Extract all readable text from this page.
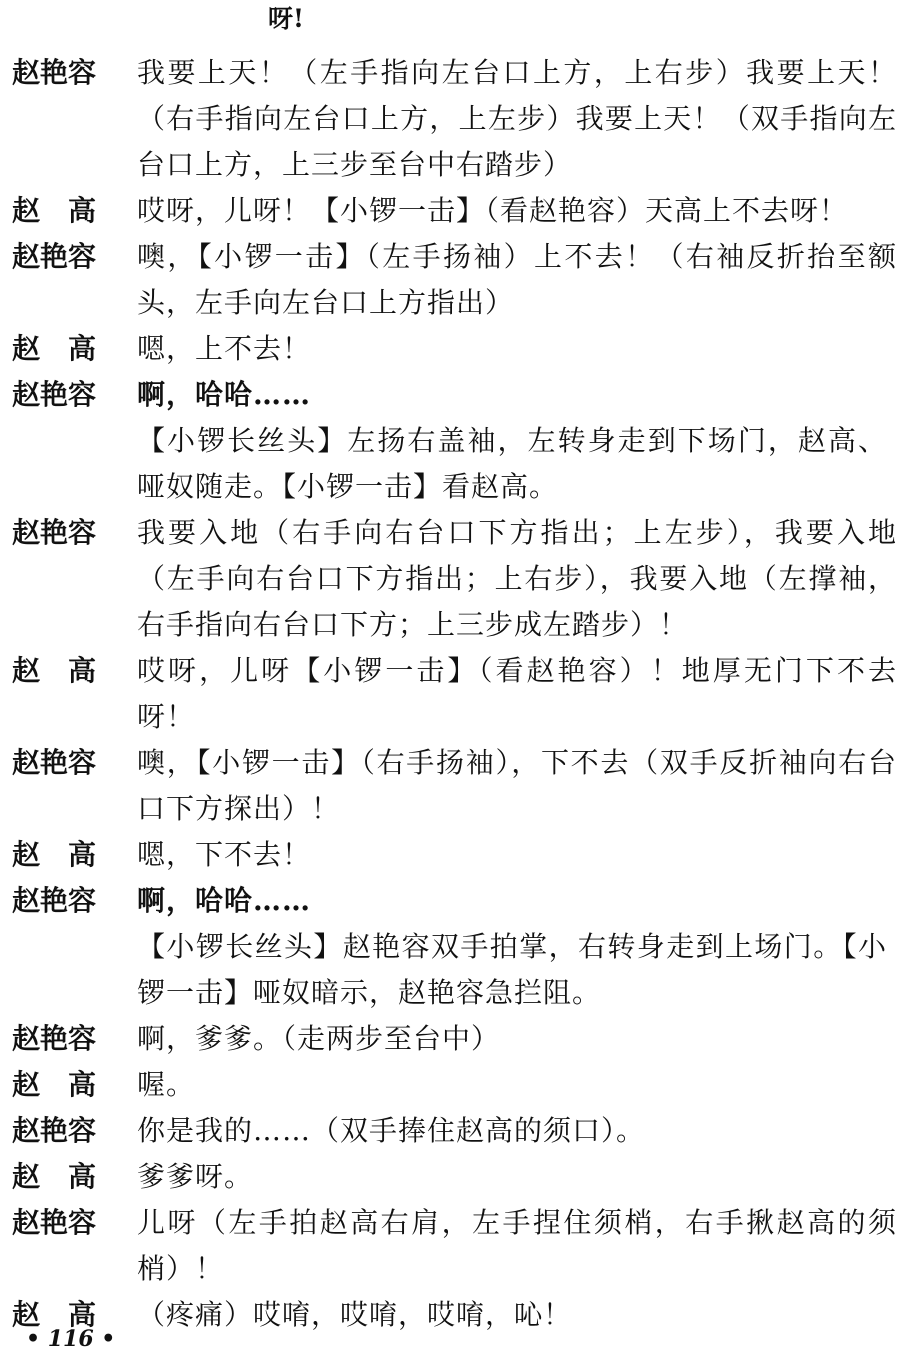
呀!
赵艳容	我要上天！（左手指向左台口上方，上右步）我要上天！（右手指向左台口上方，上左步）我要上天！（双手指向左台口上方，上三步至台中右踏步）
赵　高	哎呀，儿呀！【小锣一击】（看赵艳容）天高上不去呀！
赵艳容	噢，【小锣一击】（左手扬袖）上不去！（右袖反折抬至额头，左手向左台口上方指出）
赵　高	嗯，上不去！
赵艳容	啊，哈哈……
【小锣长丝头】左扬右盖袖，左转身走到下场门，赵高、哑奴随走。【小锣一击】看赵高。
赵艳容	我要入地（右手向右台口下方指出；上左步），我要入地（左手向右台口下方指出；上右步），我要入地（左撑袖，右手指向右台口下方；上三步成左踏步）！
赵　高	哎呀，儿呀【小锣一击】（看赵艳容）！地厚无门下不去呀！
赵艳容	噢，【小锣一击】（右手扬袖），下不去（双手反折袖向右台口下方探出）！
赵　高	嗯，下不去！
赵艳容	啊，哈哈……
【小锣长丝头】赵艳容双手拍掌，右转身走到上场门。【小锣一击】哑奴暗示，赵艳容急拦阻。
赵艳容	啊，爹爹。（走两步至台中）
赵　高	喔。
赵艳容	你是我的……（双手捧住赵高的须口）。
赵　高	爹爹呀。
赵艳容	儿呀（左手拍赵高右肩，左手捏住须梢，右手揪赵高的须梢）！
赵　高	（疼痛）哎唷，哎唷，哎唷，吣！
• 116 •
